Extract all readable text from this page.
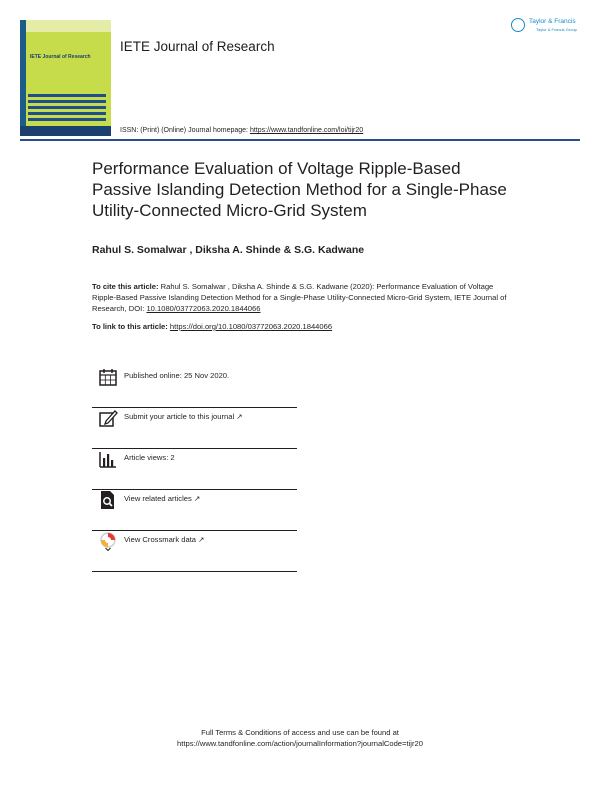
IETE Journal of Research
IETE Journal of Research
ISSN: (Print) (Online) Journal homepage: https://www.tandfonline.com/loi/tijr20
Taylor & Francis
Taylor & Francis Group
Performance Evaluation of Voltage Ripple-Based Passive Islanding Detection Method for a Single-Phase Utility-Connected Micro-Grid System
Rahul S. Somalwar , Diksha A. Shinde & S.G. Kadwane
To cite this article: Rahul S. Somalwar , Diksha A. Shinde & S.G. Kadwane (2020): Performance Evaluation of Voltage Ripple-Based Passive Islanding Detection Method for a Single-Phase Utility-Connected Micro-Grid System, IETE Journal of Research, DOI: 10.1080/03772063.2020.1844066
To link to this article: https://doi.org/10.1080/03772063.2020.1844066
Published online: 25 Nov 2020.
Submit your article to this journal ↗
Article views: 2
View related articles ↗
View Crossmark data ↗
Full Terms & Conditions of access and use can be found at
https://www.tandfonline.com/action/journalInformation?journalCode=tijr20
